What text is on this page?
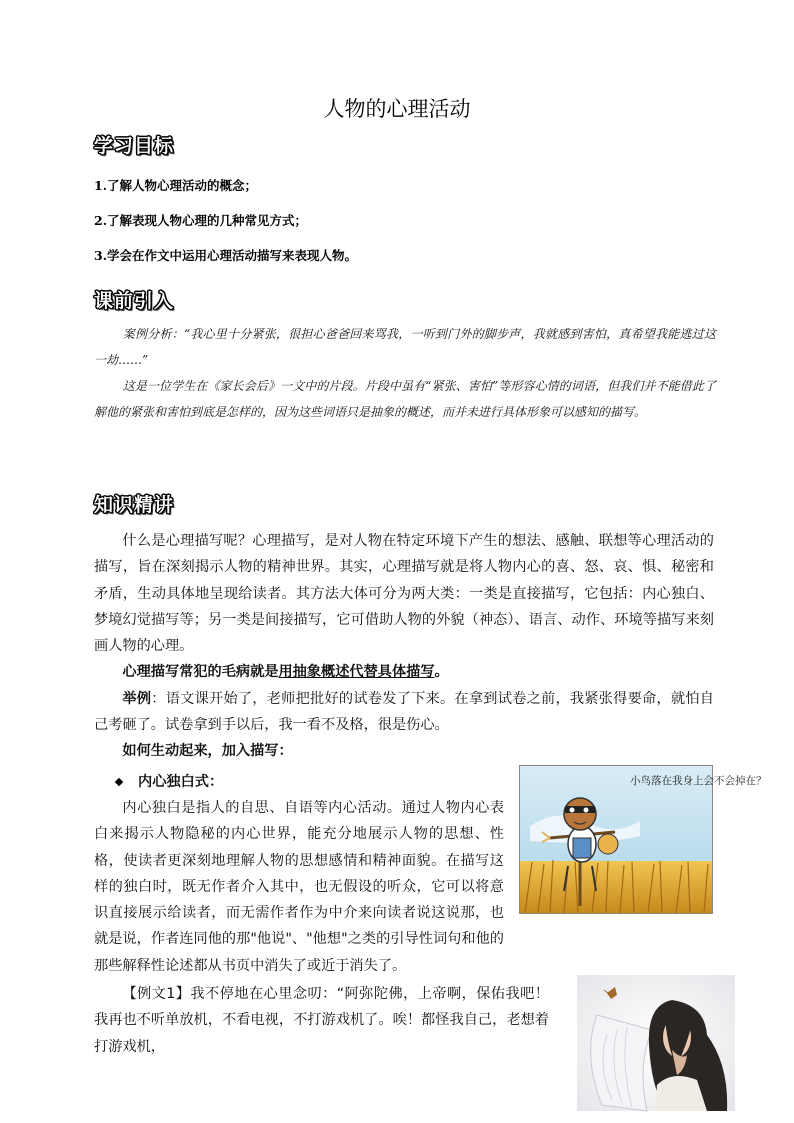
人物的心理活动
学习目标
1.了解人物心理活动的概念；
2.了解表现人物心理的几种常见方式；
3.学会在作文中运用心理活动描写来表现人物。
课前引入

案例分析：“我心里十分紧张，很担心爸爸回来骂我，一听到门外的脚步声，我就感到害怕，真希望我能逃过这一劫……”

这是一位学生在《家长会后》一文中的片段。片段中虽有“紧张、害怕”等形容心情的词语，但我们并不能借此了解他的紧张和害怕到底是怎样的，因为这些词语只是抽象的概述，而并未进行具体形象可以感知的描写。

知识精讲

什么是心理描写呢？心理描写，是对人物在特定环境下产生的想法、感触、联想等心理活动的描写，旨在深刻揭示人物的精神世界。其实，心理描写就是将人物内心的喜、怒、哀、惧、秘密和矛盾，生动具体地呈现给读者。其方法大体可分为两大类：一类是直接描写，它包括：内心独白、梦境幻觉描写等；另一类是间接描写，它可借助人物的外貌（神态）、语言、动作、环境等描写来刻画人物的心理。

心理描写常犯的毛病就是用抽象概述代替具体描写。

举例：语文课开始了，老师把批好的试卷发了下来。在拿到试卷之前，我紧张得要命，就怕自己考砸了。试卷拿到手以后，我一看不及格，很是伤心。

如何生动起来，加入描写：

内心独白式：

内心独白是指人的自思、自语等内心活动。通过人物内心表白来揭示人物隐秘的内心世界，能充分地展示人物的思想、性格，使读者更深刻地理解人物的思想感情和精神面貌。在描写这样的独白时，既无作者介入其中，也无假设的听众，它可以将意识直接展示给读者，而无需作者作为中介来向读者说这说那，也就是说，作者连同他的那"他说"、"他想"之类的引导性词句和他的那些解释性论述都从书页中消失了或近于消失了。

【例文1】我不停地在心里念叨：“阿弥陀佛，上帝啊，保佑我吧！我再也不听单放机，不看电视，不打游戏机了。唉！都怪我自己，老想着打游戏机，

小鸟落在我身上会不会掉在？
